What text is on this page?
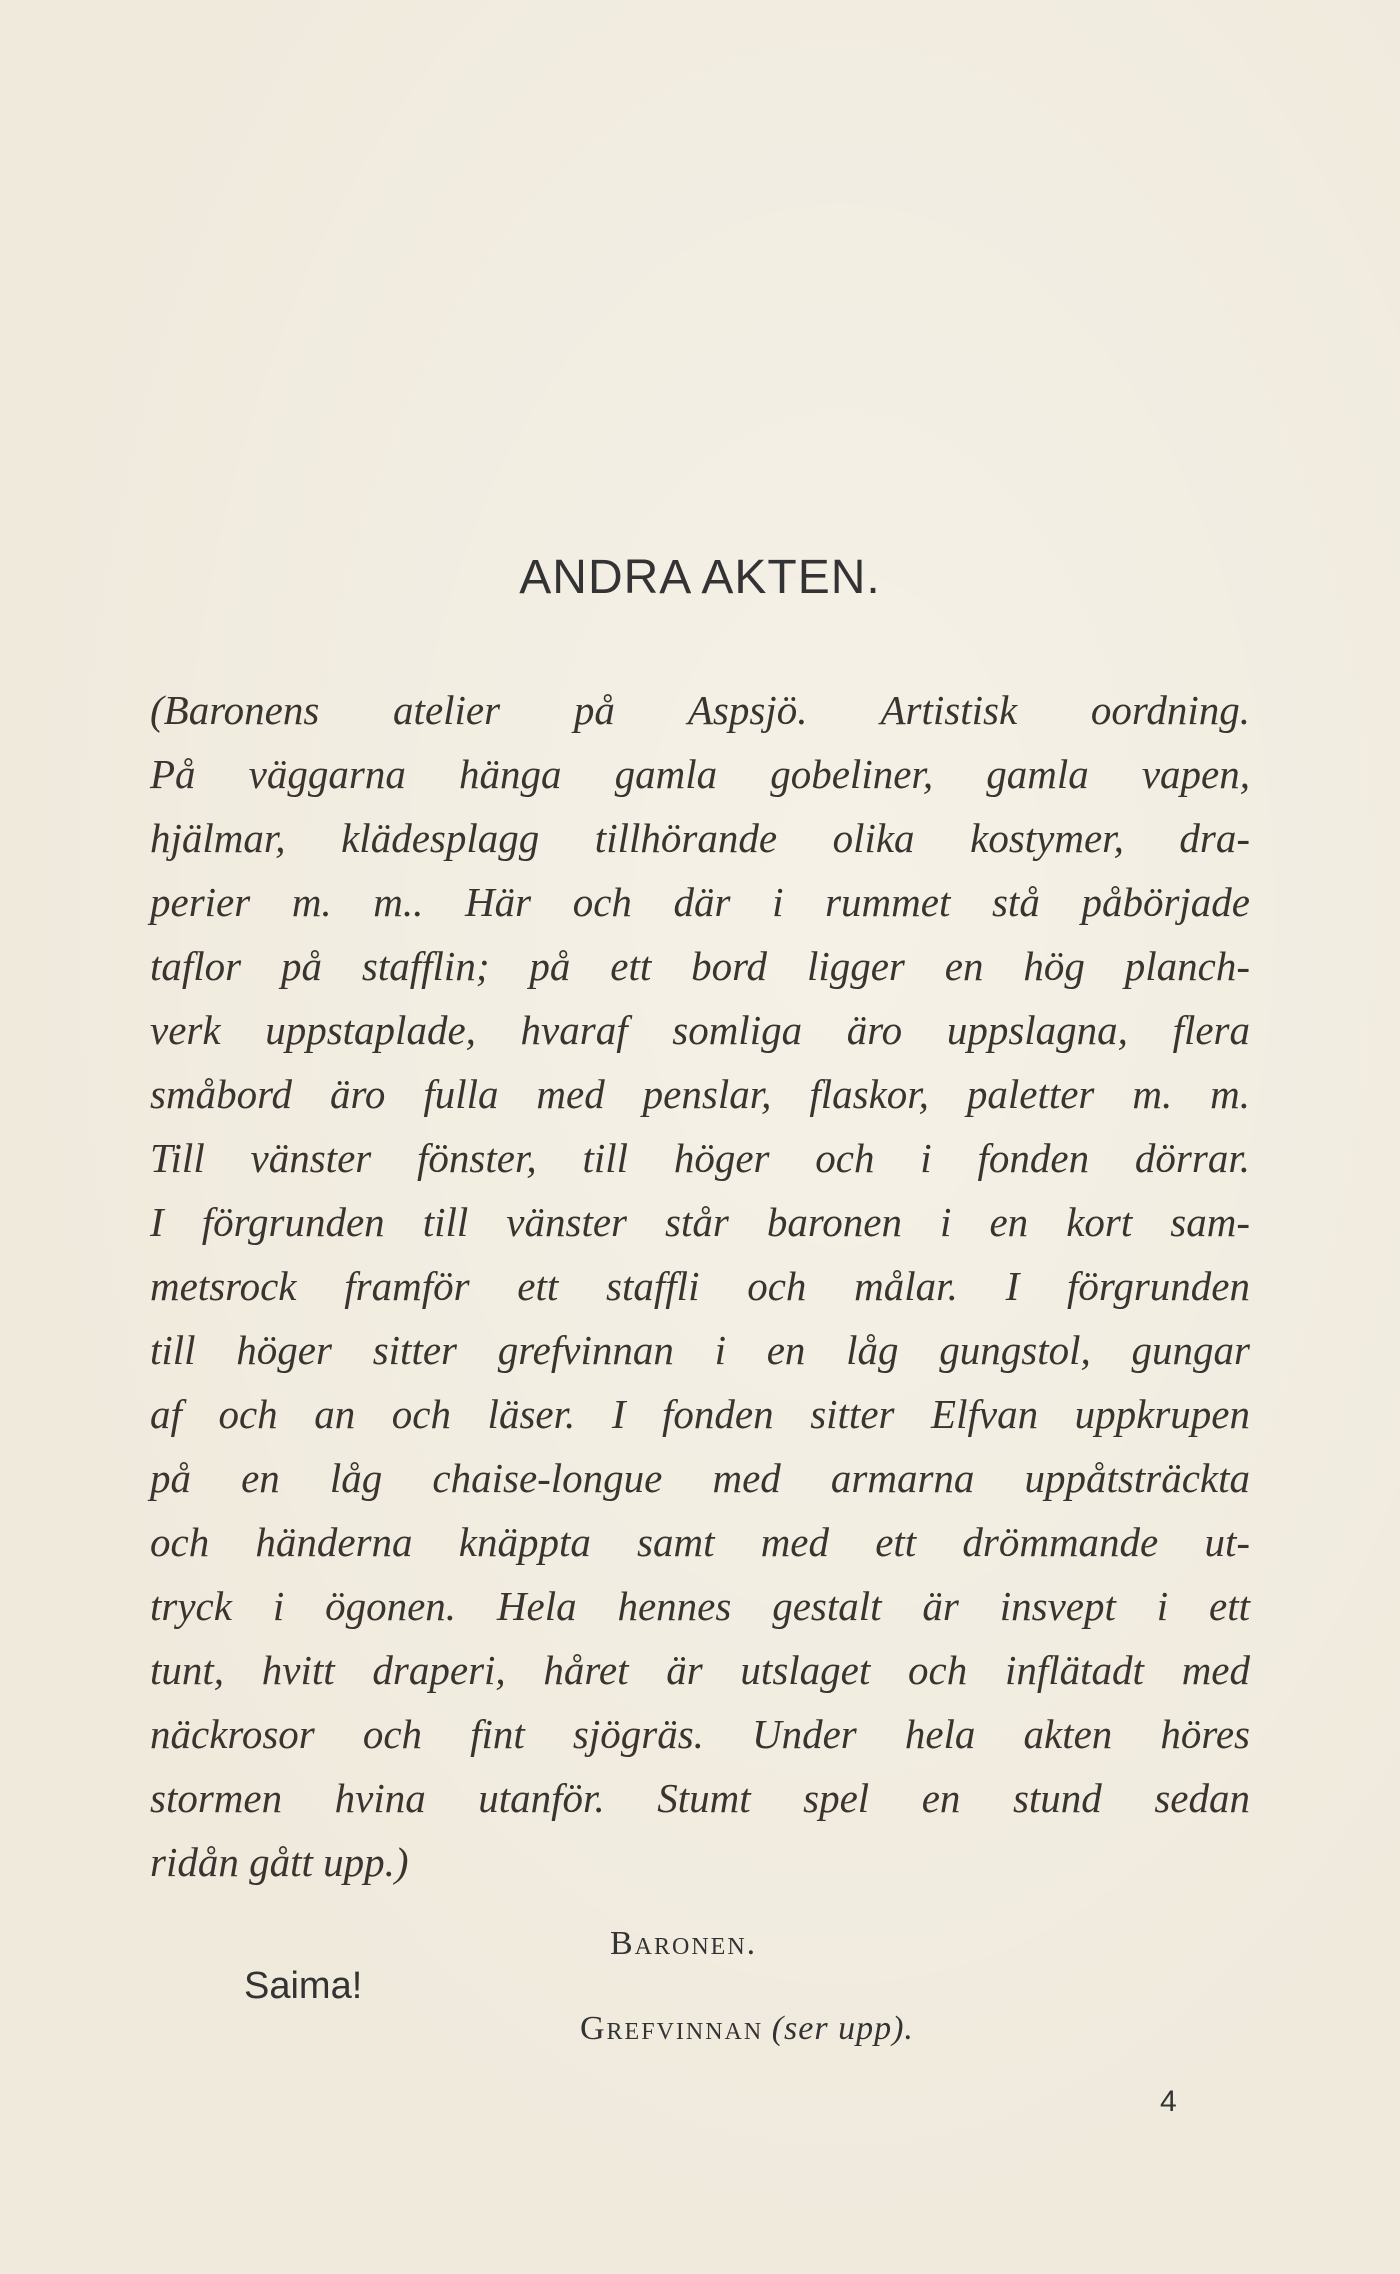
ANDRA AKTEN.
(Baronens atelier på Aspsjö. Artistisk oordning.
På väggarna hänga gamla gobeliner, gamla vapen,
hjälmar, klädesplagg tillhörande olika kostymer, dra-
perier m. m.. Här och där i rummet stå påbörjade
taflor på stafflin; på ett bord ligger en hög planch-
verk uppstaplade, hvaraf somliga äro uppslagna, flera
småbord äro fulla med penslar, flaskor, paletter m. m.
Till vänster fönster, till höger och i fonden dörrar.
I förgrunden till vänster står baronen i en kort sam-
metsrock framför ett staffli och målar. I förgrunden
till höger sitter grefvinnan i en låg gungstol, gungar
af och an och läser. I fonden sitter Elfvan uppkrupen
på en låg chaise-longue med armarna uppåtsträckta
och händerna knäppta samt med ett drömmande ut-
tryck i ögonen. Hela hennes gestalt är insvept i ett
tunt, hvitt draperi, håret är utslaget och inflätadt med
näckrosor och fint sjögräs. Under hela akten höres
stormen hvina utanför. Stumt spel en stund sedan
ridån gått upp.)
Baronen.
Saima!
Grefvinnan (ser upp).
4
